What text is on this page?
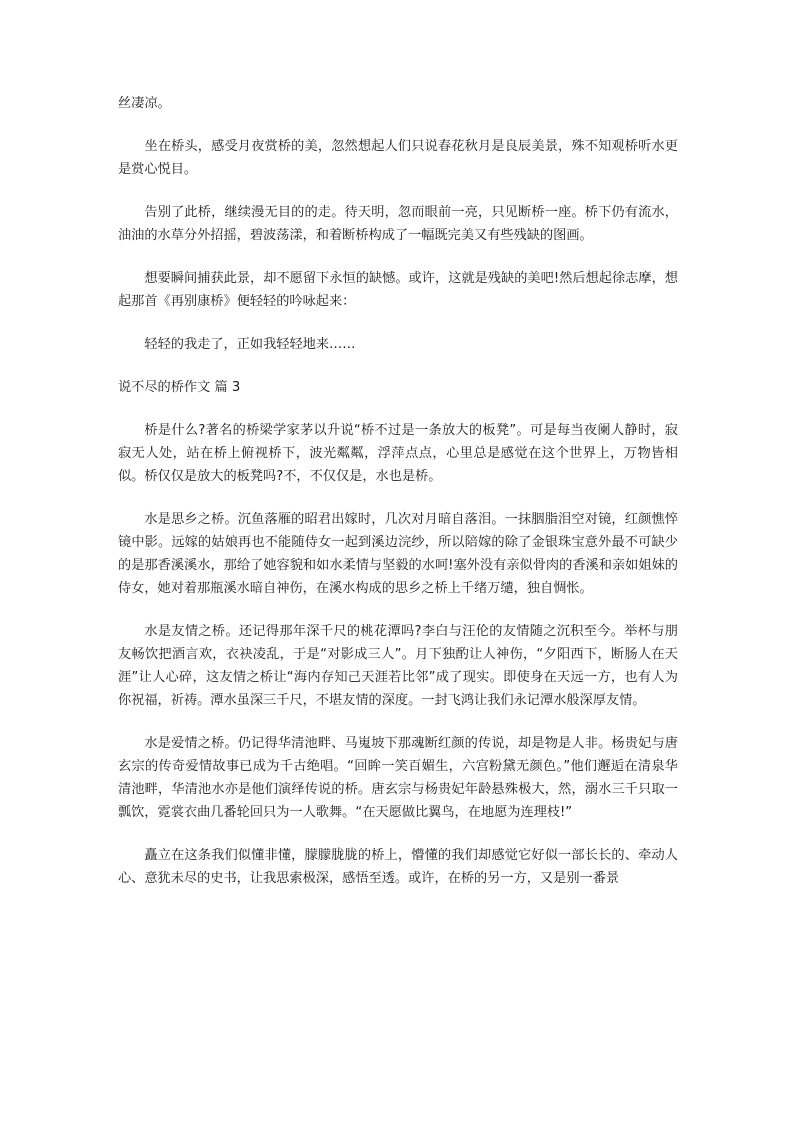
丝凄凉。

坐在桥头，感受月夜赏桥的美，忽然想起人们只说春花秋月是良辰美景，殊不知观桥听水更是赏心悦目。

告别了此桥，继续漫无目的的走。待天明，忽而眼前一亮，只见断桥一座。桥下仍有流水，油油的水草分外招摇，碧波荡漾，和着断桥构成了一幅既完美又有些残缺的图画。

想要瞬间捕获此景，却不愿留下永恒的缺憾。或许，这就是残缺的美吧!然后想起徐志摩，想起那首《再别康桥》便轻轻的吟咏起来：

轻轻的我走了，正如我轻轻地来……

说不尽的桥作文 篇 3

桥是什么?著名的桥梁学家茅以升说“桥不过是一条放大的板凳”。可是每当夜阑人静时，寂寂无人处，站在桥上俯视桥下，波光粼粼，浮萍点点，心里总是感觉在这个世界上，万物皆相似。桥仅仅是放大的板凳吗?不，不仅仅是，水也是桥。

水是思乡之桥。沉鱼落雁的昭君出嫁时，几次对月暗自落泪。一抹胭脂泪空对镜，红颜憔悴镜中影。远嫁的姑娘再也不能随侍女一起到溪边浣纱，所以陪嫁的除了金银珠宝意外最不可缺少的是那香溪溪水，那给了她容貌和如水柔情与坚毅的水呵!塞外没有亲似骨肉的香溪和亲如姐妹的侍女，她对着那瓶溪水暗自神伤，在溪水构成的思乡之桥上千绪万缱，独自惆怅。

水是友情之桥。还记得那年深千尺的桃花潭吗?李白与汪伦的友情随之沉积至今。举杯与朋友畅饮把酒言欢，衣袂凌乱，于是“对影成三人”。月下独酌让人神伤，“夕阳西下，断肠人在天涯”让人心碎，这友情之桥让“海内存知己天涯若比邻”成了现实。即使身在天远一方，也有人为你祝福，祈祷。潭水虽深三千尺，不堪友情的深度。一封飞鸿让我们永记潭水般深厚友情。

水是爱情之桥。仍记得华清池畔、马嵬坡下那魂断红颜的传说，却是物是人非。杨贵妃与唐玄宗的传奇爱情故事已成为千古绝唱。“回眸一笑百媚生，六宫粉黛无颜色。”他们邂逅在清泉华清池畔，华清池水亦是他们演绎传说的桥。唐玄宗与杨贵妃年龄悬殊极大，然，溺水三千只取一瓢饮，霓裳衣曲几番轮回只为一人歌舞。“在天愿做比翼鸟，在地愿为连理枝!”

矗立在这条我们似懂非懂，朦朦胧胧的桥上，懵懂的我们却感觉它好似一部长长的、牵动人心、意犹未尽的史书，让我思索极深，感悟至透。或许，在桥的另一方，又是别一番景
